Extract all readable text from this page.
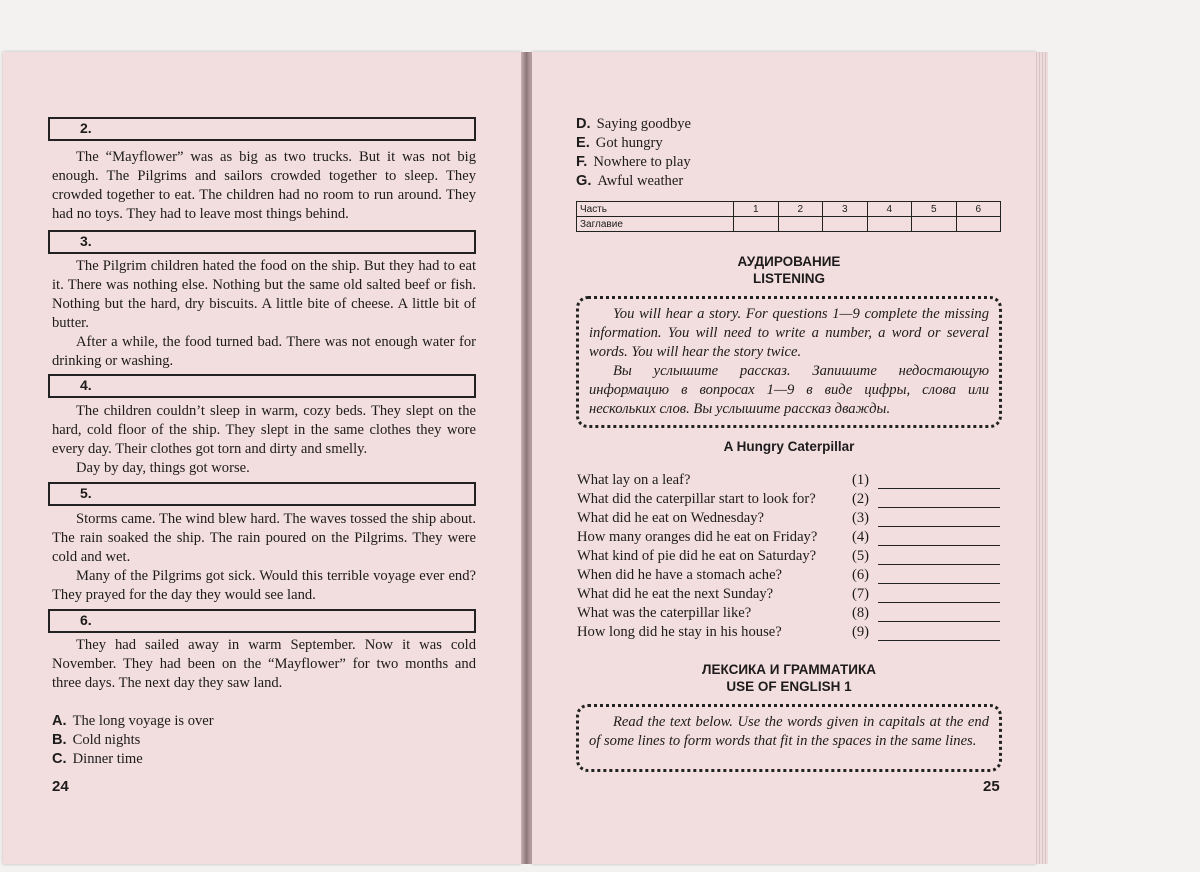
2.

The “Mayflower” was as big as two trucks. But it was not big enough. The Pilgrims and sailors crowded together to sleep. They crowded together to eat. The children had no room to run around. They had no toys. They had to leave most things behind.

3.

The Pilgrim children hated the food on the ship. But they had to eat it. There was nothing else. Nothing but the same old salted beef or fish. Nothing but the hard, dry biscuits. A little bite of cheese. A little bit of butter.

After a while, the food turned bad. There was not enough water for drinking or washing.

4.

The children couldn’t sleep in warm, cozy beds. They slept on the hard, cold floor of the ship. They slept in the same clothes they wore every day. Their clothes got torn and dirty and smelly.

Day by day, things got worse.

5.

Storms came. The wind blew hard. The waves tossed the ship about. The rain soaked the ship. The rain poured on the Pilgrims. They were cold and wet.

Many of the Pilgrims got sick. Would this terrible voyage ever end? They prayed for the day they would see land.

6.

They had sailed away in warm September. Now it was cold November. They had been on the “Mayflower” for two months and three days. The next day they saw land.

A. The long voyage is over
B. Cold nights
C. Dinner time
24
D. Saying goodbye
E. Got hungry
F. Nowhere to play
G. Awful weather
Часть	1	2	3	4	5	6
Заглавие						
АУДИРОВАНИЕ
LISTENING

You will hear a story. For questions 1—9 complete the missing information. You will need to write a number, a word or several words. You will hear the story twice.

Вы услышите рассказ. Запишите недостающую информацию в вопросах 1—9 в виде цифры, слова или нескольких слов. Вы услышите рассказ дважды.

A Hungry Caterpillar
What lay on a leaf?	(1)
What did the caterpillar start to look for? (2)
What did he eat on Wednesday?	(3)
How many oranges did he eat on Friday? (4)
What kind of pie did he eat on Saturday? (5)
When did he have a stomach ache?	(6)
What did he eat the next Sunday?	(7)
What was the caterpillar like?	(8)
How long did he stay in his house?	(9)
ЛЕКСИКА И ГРАММАТИКА
USE OF ENGLISH 1

Read the text below. Use the words given in capitals at the end of some lines to form words that fit in the spaces in the same lines.

25
